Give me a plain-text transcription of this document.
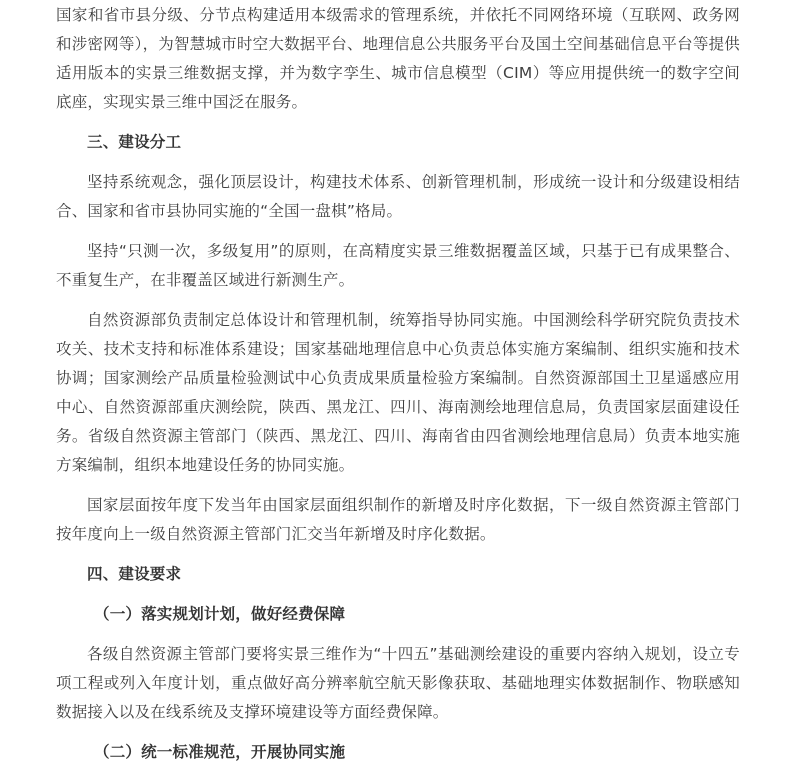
国家和省市县分级、分节点构建适用本级需求的管理系统，并依托不同网络环境（互联网、政务网和涉密网等），为智慧城市时空大数据平台、地理信息公共服务平台及国土空间基础信息平台等提供适用版本的实景三维数据支撑，并为数字孪生、城市信息模型（CIM）等应用提供统一的数字空间底座，实现实景三维中国泛在服务。

三、建设分工

坚持系统观念，强化顶层设计，构建技术体系、创新管理机制，形成统一设计和分级建设相结合、国家和省市县协同实施的“全国一盘棋”格局。

坚持“只测一次，多级复用”的原则，在高精度实景三维数据覆盖区域，只基于已有成果整合、不重复生产，在非覆盖区域进行新测生产。

自然资源部负责制定总体设计和管理机制，统筹指导协同实施。中国测绘科学研究院负责技术攻关、技术支持和标准体系建设；国家基础地理信息中心负责总体实施方案编制、组织实施和技术协调；国家测绘产品质量检验测试中心负责成果质量检验方案编制。自然资源部国土卫星遥感应用中心、自然资源部重庆测绘院，陕西、黑龙江、四川、海南测绘地理信息局，负责国家层面建设任务。省级自然资源主管部门（陕西、黑龙江、四川、海南省由四省测绘地理信息局）负责本地实施方案编制，组织本地建设任务的协同实施。

国家层面按年度下发当年由国家层面组织制作的新增及时序化数据，下一级自然资源主管部门按年度向上一级自然资源主管部门汇交当年新增及时序化数据。

四、建设要求

（一）落实规划计划，做好经费保障

各级自然资源主管部门要将实景三维作为“十四五”基础测绘建设的重要内容纳入规划，设立专项工程或列入年度计划，重点做好高分辨率航空航天影像获取、基础地理实体数据制作、物联感知数据接入以及在线系统及支撑环境建设等方面经费保障。

（二）统一标准规范，开展协同实施
